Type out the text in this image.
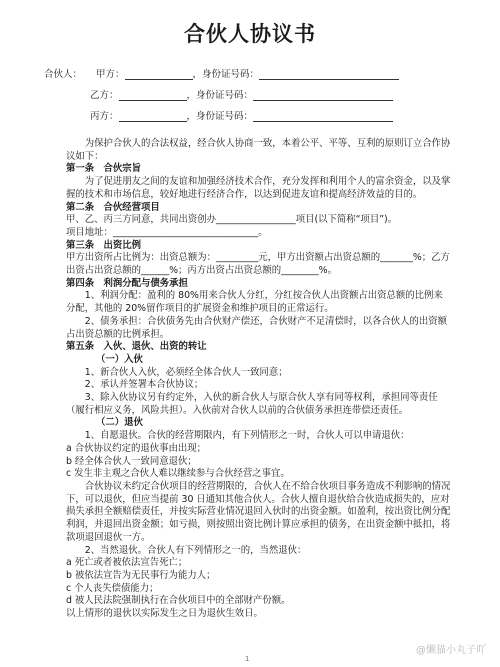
合伙人协议书
合伙人： 甲方：	，身份证号码：
乙方：	，身份证号码：
丙方：	，身份证号码：
为保护合伙人的合法权益，经合伙人协商一致，本着公平、平等、互利的原则订立合作协议如下：
第一条　合伙宗旨
为了促进朋友之间的友谊和加强经济技术合作，充分发挥和利用个人的富余资金，以及掌握的技术和市场信息，较好地进行经济合作，以达到促进友谊和提高经济效益的目的。
第二条　合伙经营项目
甲、乙、丙三方同意，共同出资创办_________________项目(以下简称“项目”)。
项目地址：_______________________________。
第三条　出资比例
甲方出资所占比例为：出资总额为：_________元，甲方出资额占出资总额的_______%；乙方出资占出资总额的______%；丙方出资占出资总额的________%。
第四条　利润分配与债务承担
1、利润分配：盈利的 80%用来合伙人分红，分红按合伙人出资额占出资总额的比例来分配，其他的 20%留作项目的扩展资金和维护项目的正常运行。
2、债务承担：合伙债务先由合伙财产偿还，合伙财产不足清偿时，以各合伙人的出资额占出资总额的比例承担。
第五条　入伙、退伙、出资的转让
（一）入伙
1、新合伙人入伙，必须经全体合伙人一致同意；
2、承认并签署本合伙协议；
3、除入伙协议另有约定外，入伙的新合伙人与原合伙人享有同等权利，承担同等责任（履行相应义务，风险共担）。入伙前对合伙人以前的合伙债务承担连带偿还责任。
（二）退伙
1、自愿退伙。合伙的经营期限内，有下列情形之一时，合伙人可以申请退伙：
a 合伙协议约定的退伙事由出现；
b 经全体合伙人一致同意退伙；
c 发生非主观之合伙人难以继续参与合伙经营之事宜。
合伙协议未约定合伙项目的经营期限的，合伙人在不给合伙项目事务造成不利影响的情况下，可以退伙，但应当提前 30 日通知其他合伙人。合伙人擅自退伙给合伙造成损失的，应对损失承担全额赔偿责任，并按实际营业情况退回入伙时的出资金额。如盈利，按出资比例分配利润，并退回出资金额；如亏损，则按照出资比例计算应承担的债务，在出资金额中抵扣，将款项退回退伙一方。
2、当然退伙。合伙人有下列情形之一的，当然退伙：
a 死亡或者被依法宣告死亡；
b 被依法宣告为无民事行为能力人；
c 个人丧失偿债能力；
d 被人民法院强制执行在合伙项目中的全部财产份额。
以上情形的退伙以实际发生之日为退伙生效日。
1
@懒猫小丸子吖
